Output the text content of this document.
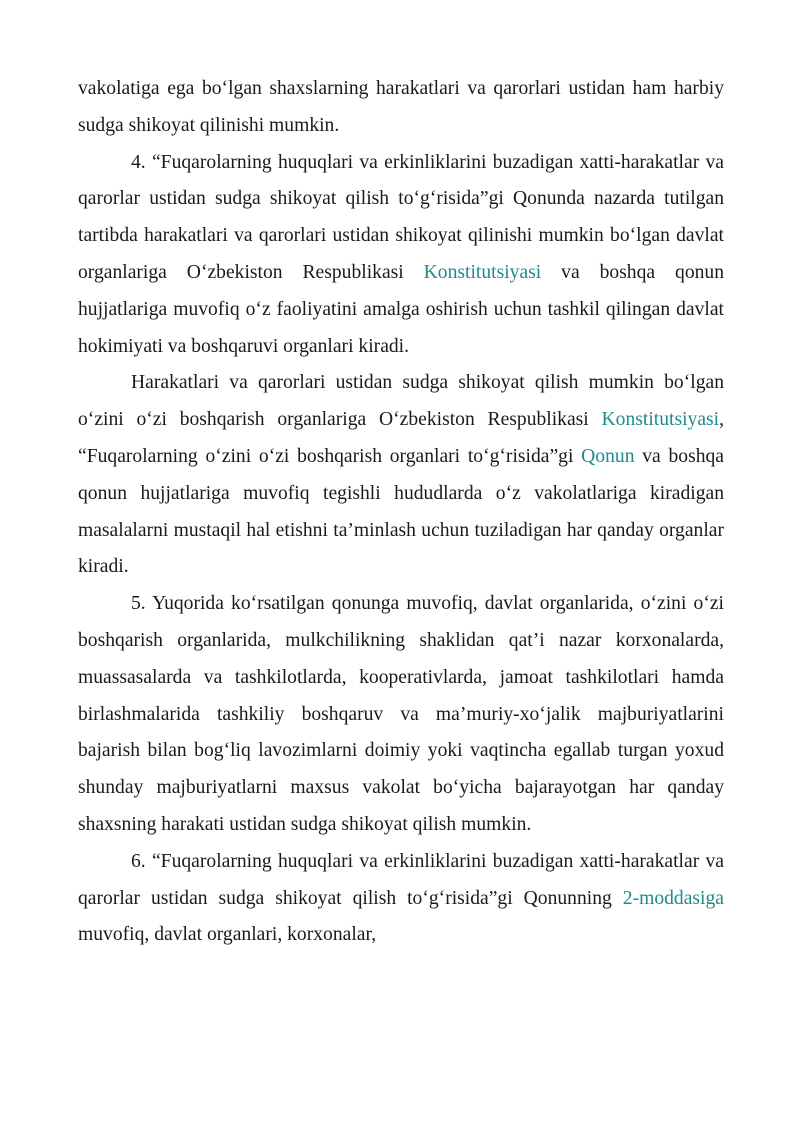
vakolatiga ega bo‘lgan shaxslarning harakatlari va qarorlari ustidan ham harbiy sudga shikoyat qilinishi mumkin.

4. “Fuqarolarning huquqlari va erkinliklarini buzadigan xatti-harakatlar va qarorlar ustidan sudga shikoyat qilish to‘g‘risida”gi Qonunda nazarda tutilgan tartibda harakatlari va qarorlari ustidan shikoyat qilinishi mumkin bo‘lgan davlat organlariga O‘zbekiston Respublikasi Konstitutsiyasi va boshqa qonun hujjatlariga muvofiq o‘z faoliyatini amalga oshirish uchun tashkil qilingan davlat hokimiyati va boshqaruvi organlari kiradi.

Harakatlari va qarorlari ustidan sudga shikoyat qilish mumkin bo‘lgan o‘zini o‘zi boshqarish organlariga O‘zbekiston Respublikasi Konstitutsiyasi, “Fuqarolarning o‘zini o‘zi boshqarish organlari to‘g‘risida”gi Qonun va boshqa qonun hujjatlariga muvofiq tegishli hududlarda o‘z vakolatlariga kiradigan masalalarni mustaqil hal etishni ta’minlash uchun tuziladigan har qanday organlar kiradi.

5. Yuqorida ko‘rsatilgan qonunga muvofiq, davlat organlarida, o‘zini o‘zi boshqarish organlarida, mulkchilikning shaklidan qat’i nazar korxonalarda, muassasalarda va tashkilotlarda, kooperativlarda, jamoat tashkilotlari hamda birlashmalarida tashkiliy boshqaruv va ma’muriy-xo‘jalik majburiyatlarini bajarish bilan bog‘liq lavozimlarni doimiy yoki vaqtincha egallab turgan yoxud shunday majburiyatlarni maxsus vakolat bo‘yicha bajarayotgan har qanday shaxsning harakati ustidan sudga shikoyat qilish mumkin.

6. “Fuqarolarning huquqlari va erkinliklarini buzadigan xatti-harakatlar va qarorlar ustidan sudga shikoyat qilish to‘g‘risida”gi Qonunning 2-moddasiga muvofiq, davlat organlari, korxonalar,
